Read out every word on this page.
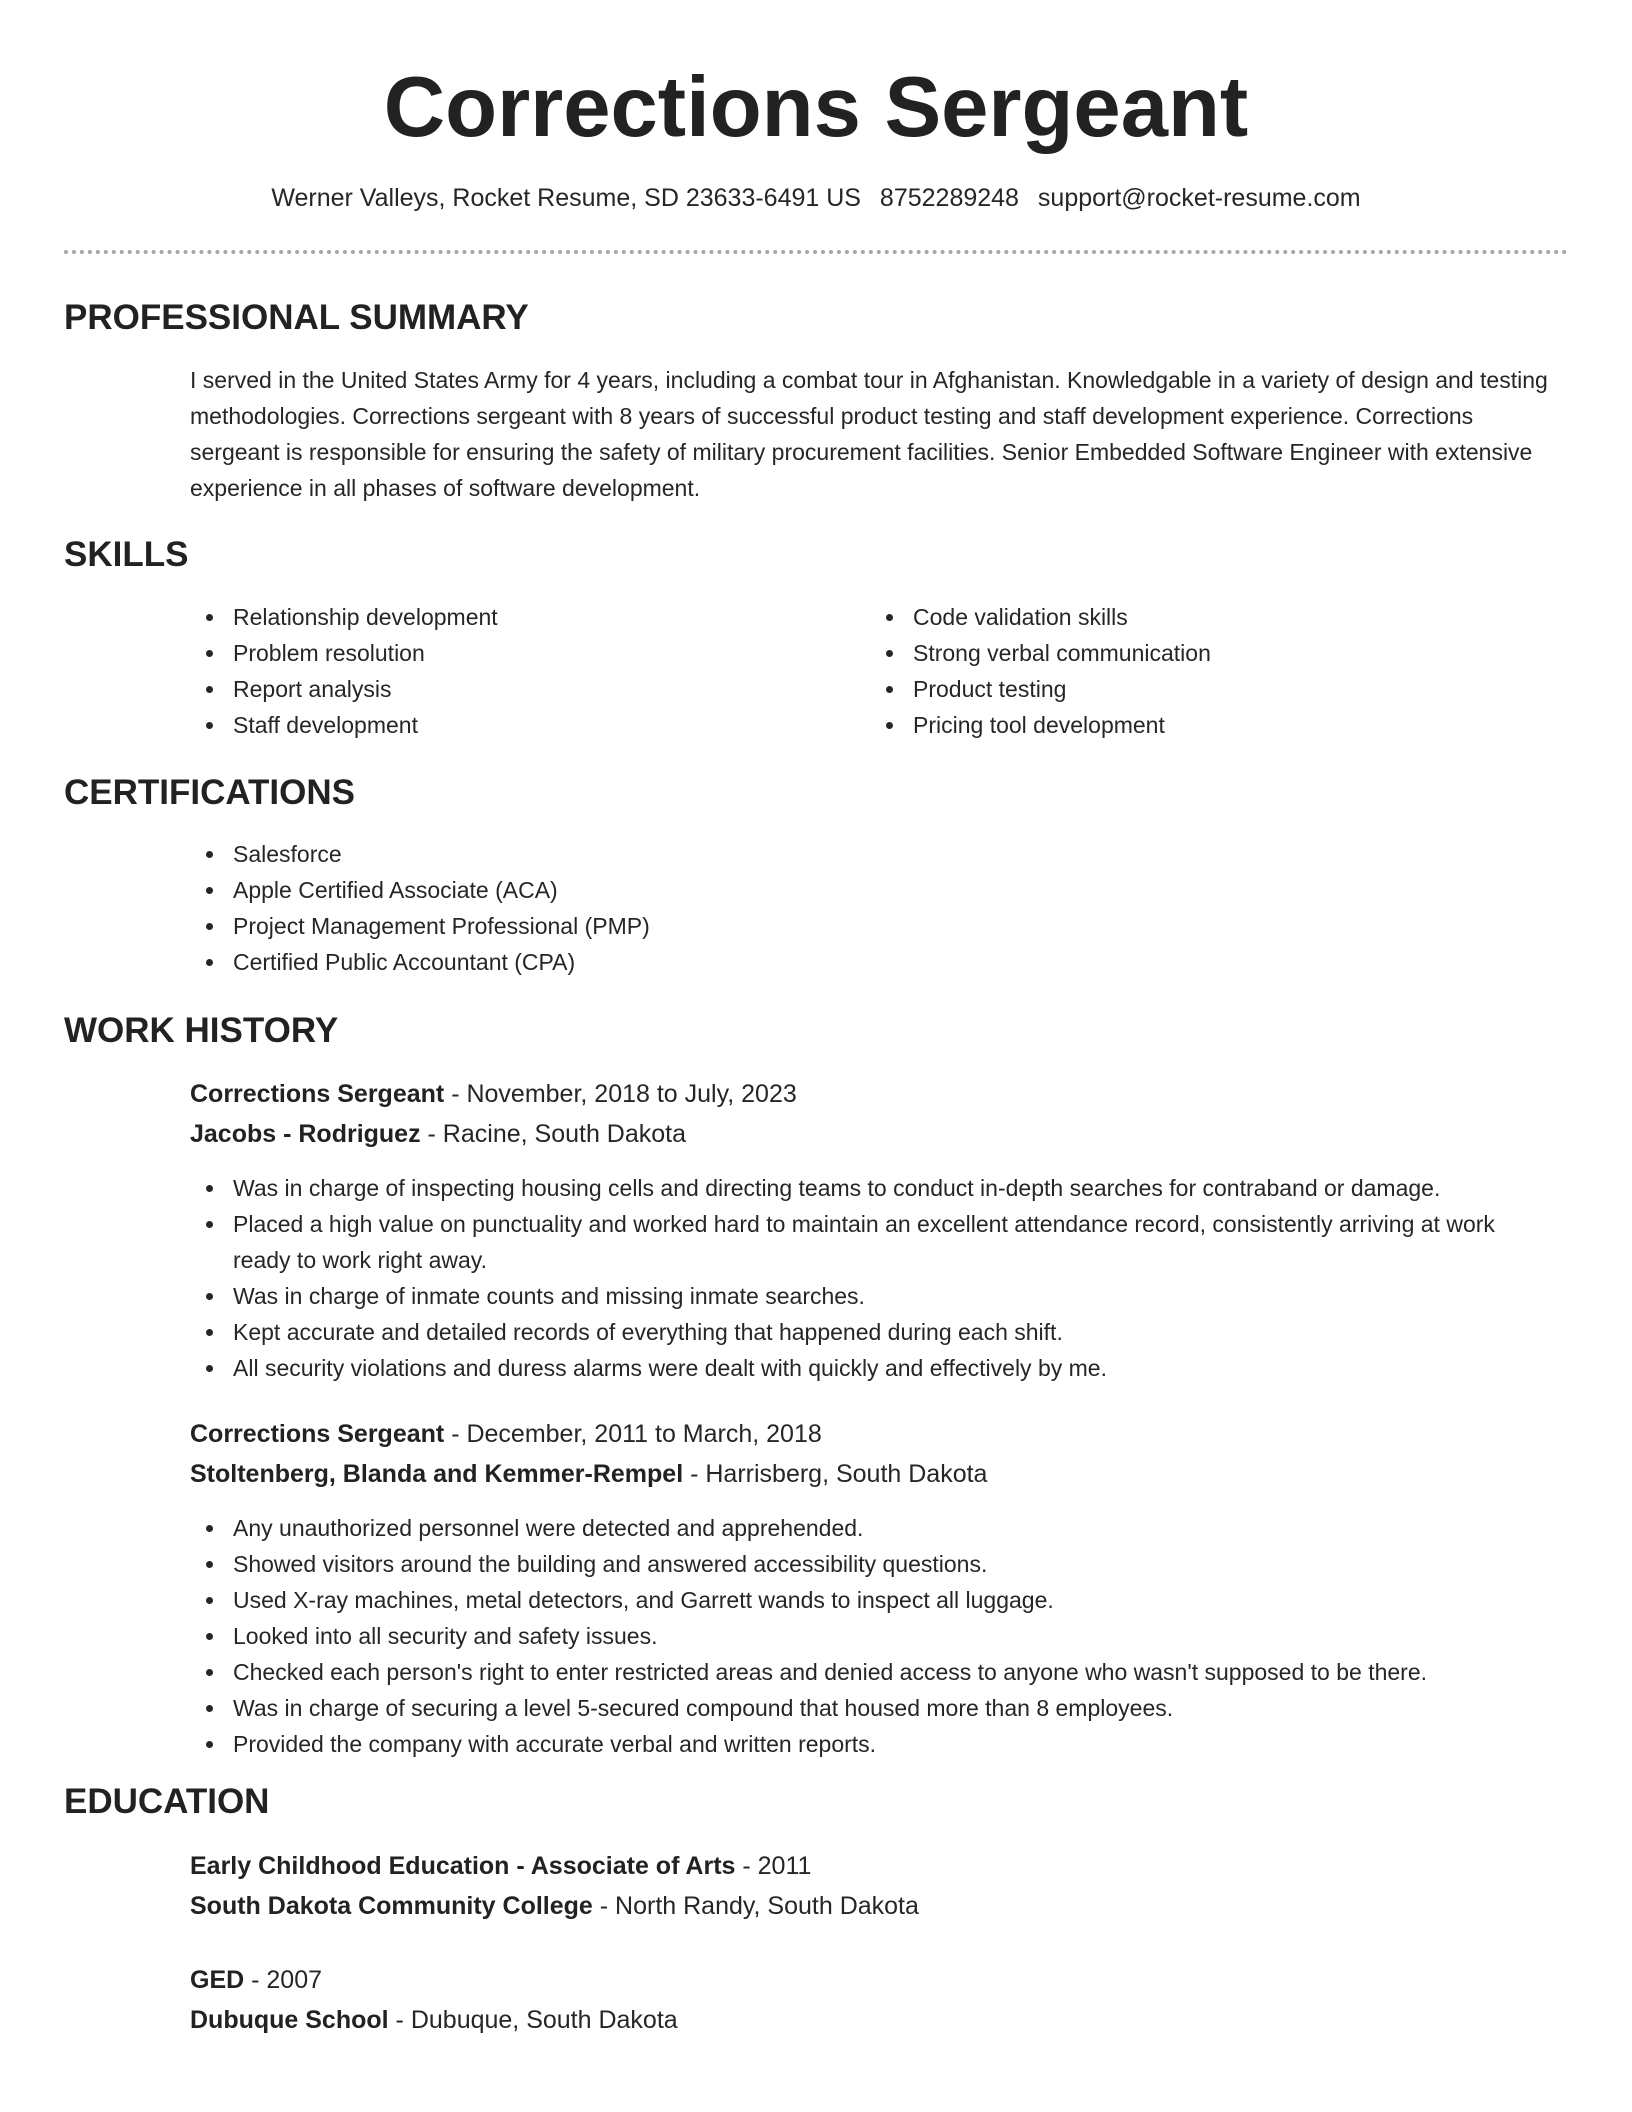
Corrections Sergeant
Werner Valleys, Rocket Resume, SD 23633-6491 US 8752289248 support@rocket-resume.com
PROFESSIONAL SUMMARY
I served in the United States Army for 4 years, including a combat tour in Afghanistan. Knowledgable in a variety of design and testing methodologies. Corrections sergeant with 8 years of successful product testing and staff development experience. Corrections sergeant is responsible for ensuring the safety of military procurement facilities. Senior Embedded Software Engineer with extensive experience in all phases of software development.
SKILLS
Relationship development
Problem resolution
Report analysis
Staff development
Code validation skills
Strong verbal communication
Product testing
Pricing tool development
CERTIFICATIONS
Salesforce
Apple Certified Associate (ACA)
Project Management Professional (PMP)
Certified Public Accountant (CPA)
WORK HISTORY
Corrections Sergeant - November, 2018 to July, 2023
Jacobs - Rodriguez - Racine, South Dakota
Was in charge of inspecting housing cells and directing teams to conduct in-depth searches for contraband or damage.
Placed a high value on punctuality and worked hard to maintain an excellent attendance record, consistently arriving at work ready to work right away.
Was in charge of inmate counts and missing inmate searches.
Kept accurate and detailed records of everything that happened during each shift.
All security violations and duress alarms were dealt with quickly and effectively by me.
Corrections Sergeant - December, 2011 to March, 2018
Stoltenberg, Blanda and Kemmer-Rempel - Harrisberg, South Dakota
Any unauthorized personnel were detected and apprehended.
Showed visitors around the building and answered accessibility questions.
Used X-ray machines, metal detectors, and Garrett wands to inspect all luggage.
Looked into all security and safety issues.
Checked each person's right to enter restricted areas and denied access to anyone who wasn't supposed to be there.
Was in charge of securing a level 5-secured compound that housed more than 8 employees.
Provided the company with accurate verbal and written reports.
EDUCATION
Early Childhood Education - Associate of Arts - 2011
South Dakota Community College - North Randy, South Dakota
GED - 2007
Dubuque School - Dubuque, South Dakota
